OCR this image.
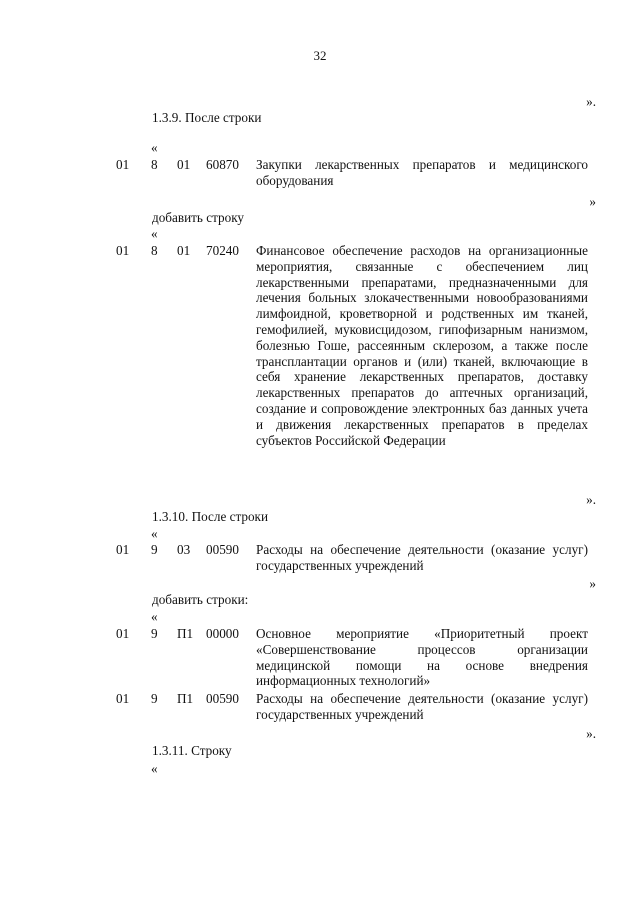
32
».
1.3.9. После строки
«
01 8 01 60870 Закупки лекарственных препаратов и медицинского оборудования
»
добавить строку
«
01 8 01 70240 Финансовое обеспечение расходов на организационные мероприятия, связанные с обеспечением лиц лекарственными препаратами, предназначенными для лечения больных злокачественными новообразованиями лимфоидной, кроветворной и родственных им тканей, гемофилией, муковисцидозом, гипофизарным нанизмом, болезнью Гоше, рассеянным склерозом, а также после трансплантации органов и (или) тканей, включающие в себя хранение лекарственных препаратов, доставку лекарственных препаратов до аптечных организаций, создание и сопровождение электронных баз данных учета и движения лекарственных препаратов в пределах субъектов Российской Федерации
».
1.3.10. После строки
«
01 9 03 00590 Расходы на обеспечение деятельности (оказание услуг) государственных учреждений
»
добавить строки:
«
01 9 П1 00000 Основное мероприятие «Приоритетный проект «Совершенствование процессов организации медицинской помощи на основе внедрения информационных технологий»
01 9 П1 00590 Расходы на обеспечение деятельности (оказание услуг) государственных учреждений
».
1.3.11. Строку
«
